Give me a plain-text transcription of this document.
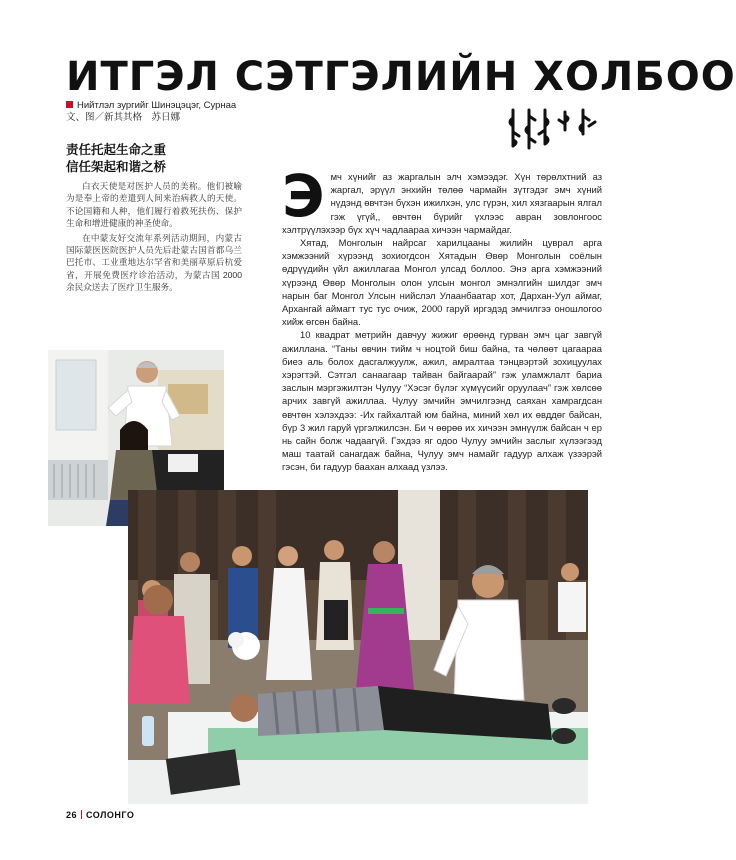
ИТГЭЛ СЭТГЭЛИЙН ХОЛБОО
Нийтлэл зургийг Шинэцэцэг, Сурнаа
文、图／新其其格　苏日娜
责任托起生命之重
信任架起和谐之桥

白衣天使是对医护人员的美称。他们被喻为是奉上帝的差遣到人间来治病救人的天使。不论国籍和人种，他们履行着救死扶伤、保护生命和增进健康的神圣使命。

在中蒙友好交流年系列活动期间，内蒙古国际蒙医医院医护人员先后赴蒙古国首都乌兰巴托市、工业重地达尔罕省和美丽草原后杭爱省，开展免费医疗诊治活动，为蒙古国 2000 余民众送去了医疗卫生服务。

Эмч хүнийг аз жаргалын элч хэмээдэг. Хүн төрөлхтний аз жаргал, эрүүл энхийн төлөө чармайн зүтгэдэг эмч хүний нүдэнд өвчтэн бүхэн ижилхэн, улс гүрэн, хил хязгаарын ялгал гэж үгүй,, өвчтөн бүрийг үхлээс авран зовлонгоос хэлтрүүлэхээр бүх хүч чадлаараа хичээн чармайдаг.

Хятад, Монголын найрсаг харилцааны жилийн цуврал арга хэмжээний хүрээнд зохиогдсон Хятадын Өвөр Монголын соёлын өдрүүдийн үйл ажиллагаа Монгол улсад боллоо. Энэ арга хэмжээний хүрээнд Өвөр Монголын олон улсын монгол эмнэлгийн шилдэг эмч нарын баг Монгол Улсын нийслэл Улаанбаатар хот, Дархан-Уул аймаг, Архангай аймагт тус тус очиж, 2000 гаруй иргэдэд эмчилгээ оношлогоо хийж өгсөн байна.

10 квадрат метрийн давчуу жижиг өрөөнд гурван эмч цаг завгүй ажиллана. “Таны өвчин тийм ч ноцтой биш байна, та чөлөөт цагаараа биеэ аль болох дасгалжуулж, ажил, амралтаа тэнцвэртэй зохицуулах хэрэгтэй. Сэтгэл санаагаар тайван байгаарай” гэж уламжлалт бариа заслын мэргэжилтэн Чулуу “Хэсэг бүлэг хүмүүсийг оруулаач” гэж хөлсөө арчих завгүй ажиллаа. Чулуу эмчийн эмчилгээнд саяхан хамрагдсан өвчтөн хэлэхдээ: -Их гайхалтай юм байна, миний хөл их өвддөг байсан, бүр 3 жил гаруй үргэлжилсэн. Би ч өөрөө их хичээн эмнүүлж байсан ч ер нь сайн болж чадаагүй. Гэхдээ яг одоо Чулуу эмчийн заслыг хүлээгээд маш таатай санагдаж байна, Чулуу эмч намайг гадуур алхаж үзээрэй гэсэн, би гадуур баахан алхаад үзлээ.

26 СОЛОНГО
